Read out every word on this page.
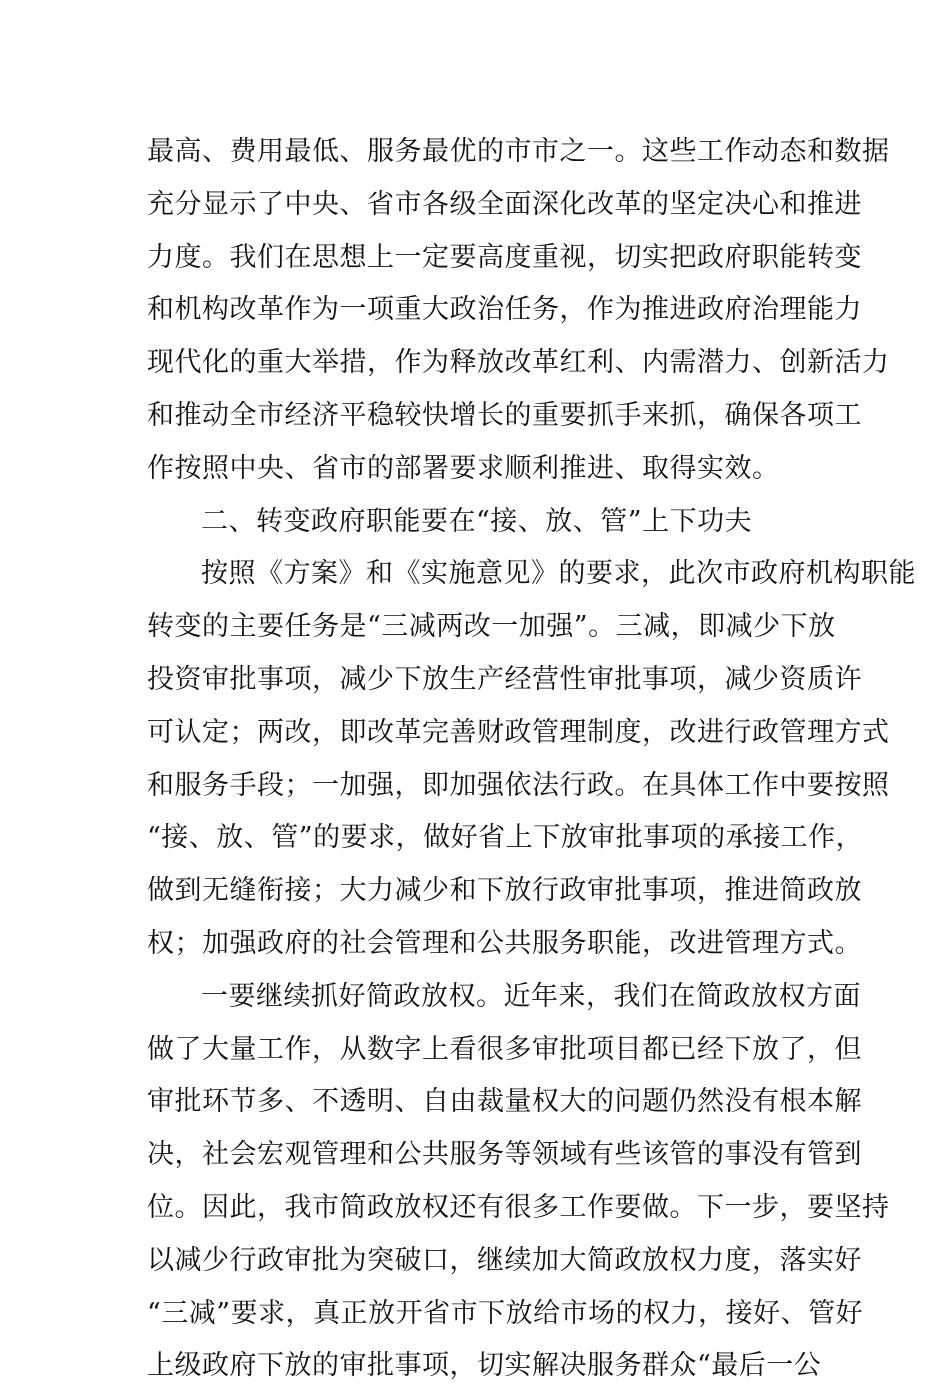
最高、费用最低、服务最优的市市之一。这些工作动态和数据
充分显示了中央、省市各级全面深化改革的坚定决心和推进
力度。我们在思想上一定要高度重视，切实把政府职能转变
和机构改革作为一项重大政治任务，作为推进政府治理能力
现代化的重大举措，作为释放改革红利、内需潜力、创新活力
和推动全市经济平稳较快增长的重要抓手来抓，确保各项工
作按照中央、省市的部署要求顺利推进、取得实效。
二、转变政府职能要在“接、放、管”上下功夫
按照《方案》和《实施意见》的要求，此次市政府机构职能
转变的主要任务是“三减两改一加强”。三减，即减少下放
投资审批事项，减少下放生产经营性审批事项，减少资质许
可认定；两改，即改革完善财政管理制度，改进行政管理方式
和服务手段；一加强，即加强依法行政。在具体工作中要按照
“接、放、管”的要求，做好省上下放审批事项的承接工作，
做到无缝衔接；大力减少和下放行政审批事项，推进简政放
权；加强政府的社会管理和公共服务职能，改进管理方式。
一要继续抓好简政放权。近年来，我们在简政放权方面
做了大量工作，从数字上看很多审批项目都已经下放了，但
审批环节多、不透明、自由裁量权大的问题仍然没有根本解
决，社会宏观管理和公共服务等领域有些该管的事没有管到
位。因此，我市简政放权还有很多工作要做。下一步，要坚持
以减少行政审批为突破口，继续加大简政放权力度，落实好
“三减”要求，真正放开省市下放给市场的权力，接好、管好
上级政府下放的审批事项，切实解决服务群众“最后一公
